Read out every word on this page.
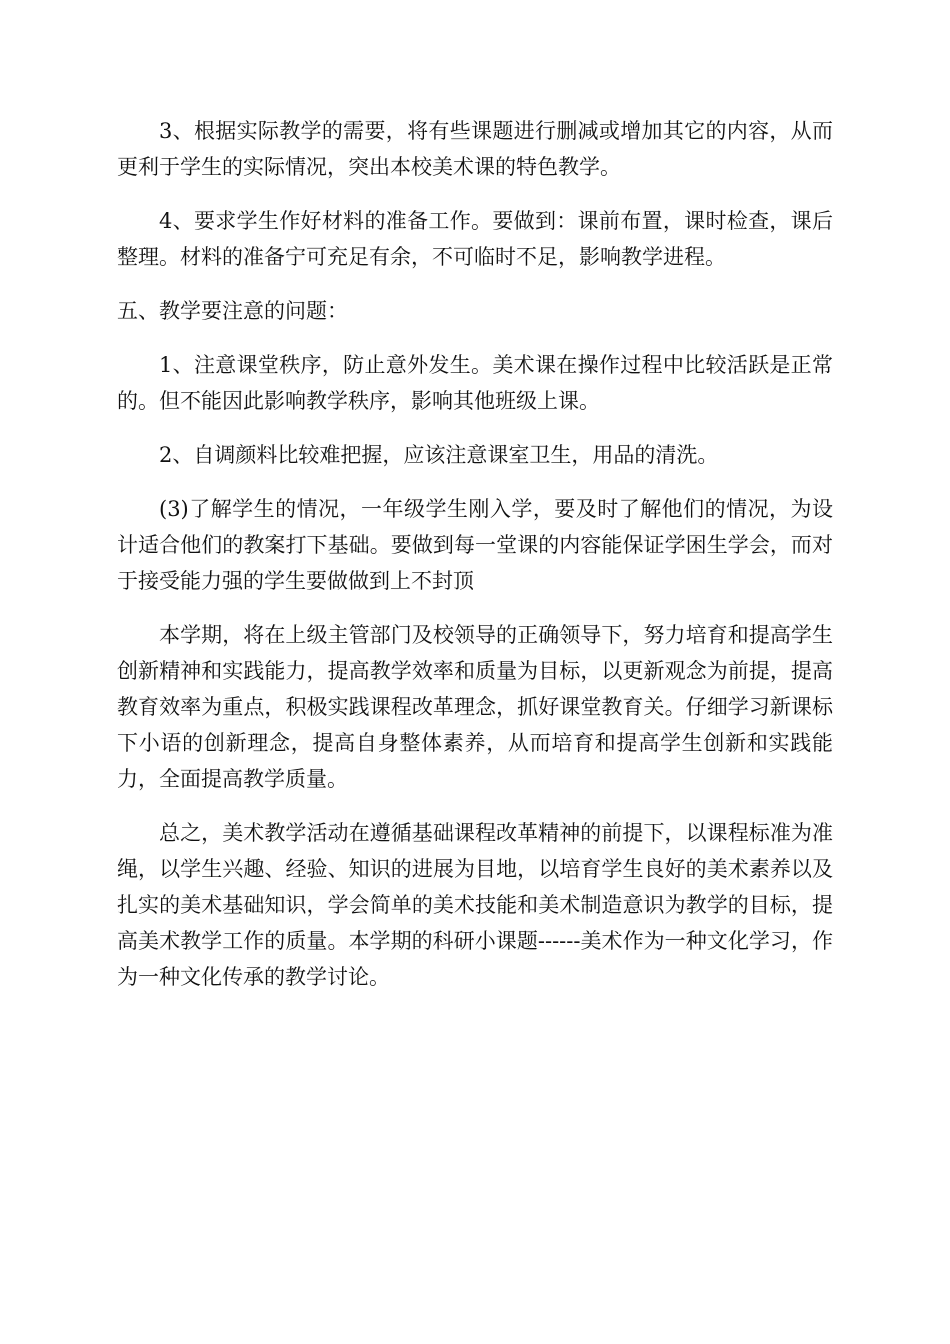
3、根据实际教学的需要，将有些课题进行删减或增加其它的内容，从而更利于学生的实际情况，突出本校美术课的特色教学。

4、要求学生作好材料的准备工作。要做到：课前布置，课时检查，课后整理。材料的准备宁可充足有余，不可临时不足，影响教学进程。

五、教学要注意的问题：

1、注意课堂秩序，防止意外发生。美术课在操作过程中比较活跃是正常的。但不能因此影响教学秩序，影响其他班级上课。

2、自调颜料比较难把握，应该注意课室卫生，用品的清洗。

(3)了解学生的情况，一年级学生刚入学，要及时了解他们的情况，为设计适合他们的教案打下基础。要做到每一堂课的内容能保证学困生学会，而对于接受能力强的学生要做做到上不封顶

本学期，将在上级主管部门及校领导的正确领导下，努力培育和提高学生创新精神和实践能力，提高教学效率和质量为目标，以更新观念为前提，提高教育效率为重点，积极实践课程改革理念，抓好课堂教育关。仔细学习新课标下小语的创新理念，提高自身整体素养，从而培育和提高学生创新和实践能力，全面提高教学质量。

总之，美术教学活动在遵循基础课程改革精神的前提下，以课程标准为准绳，以学生兴趣、经验、知识的进展为目地，以培育学生良好的美术素养以及扎实的美术基础知识，学会简单的美术技能和美术制造意识为教学的目标，提高美术教学工作的质量。本学期的科研小课题------美术作为一种文化学习，作为一种文化传承的教学讨论。
